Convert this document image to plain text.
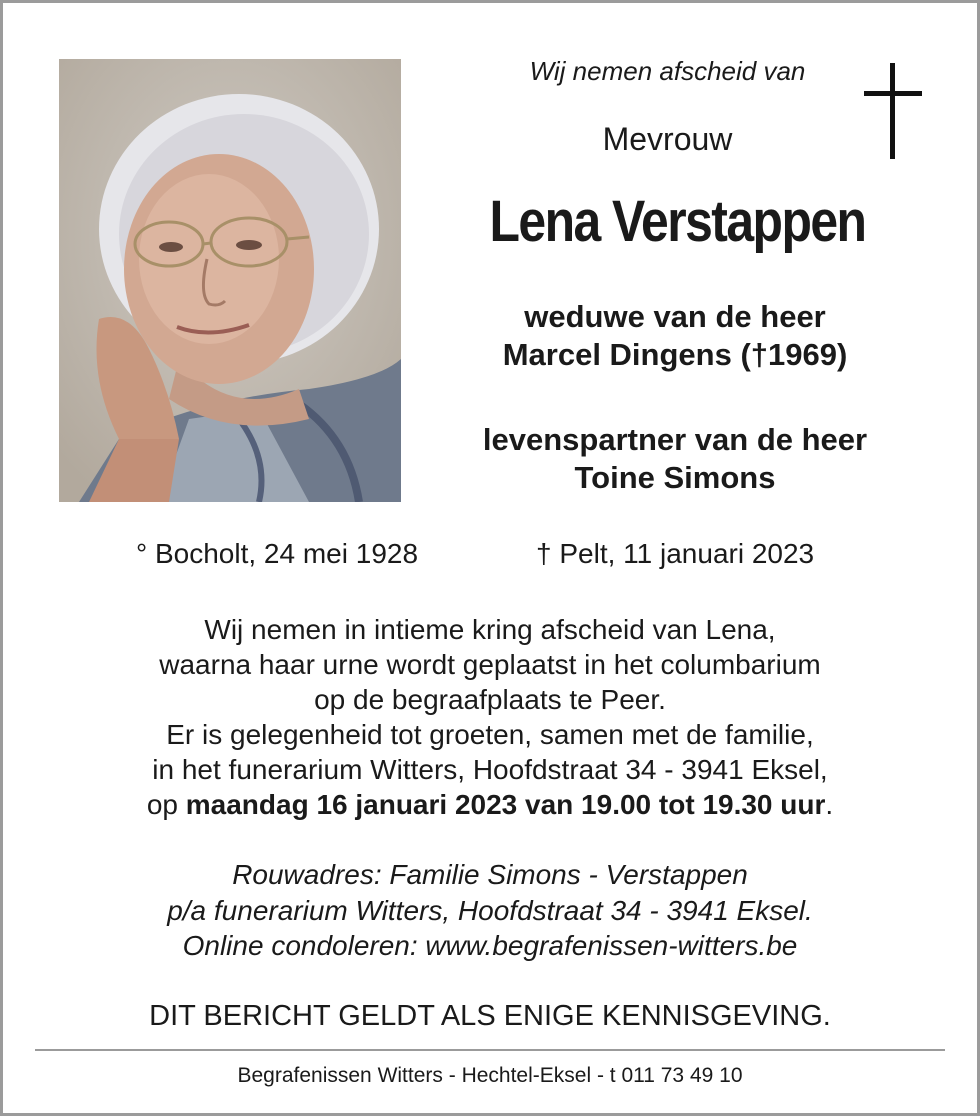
Wij nemen afscheid van
Mevrouw
Lena Verstappen
weduwe van de heer
Marcel Dingens (†1969)
levenspartner van de heer
Toine Simons
° Bocholt, 24 mei 1928	† Pelt, 11 januari 2023
Wij nemen in intieme kring afscheid van Lena,
waarna haar urne wordt geplaatst in het columbarium
op de begraafplaats te Peer.
Er is gelegenheid tot groeten, samen met de familie,
in het funerarium Witters, Hoofdstraat 34 - 3941 Eksel,
op maandag 16 januari 2023 van 19.00 tot 19.30 uur.
Rouwadres: Familie Simons - Verstappen
p/a funerarium Witters, Hoofdstraat 34 - 3941 Eksel.
Online condoleren: www.begrafenissen-witters.be
DIT BERICHT GELDT ALS ENIGE KENNISGEVING.
Begrafenissen Witters - Hechtel-Eksel - t 011 73 49 10
